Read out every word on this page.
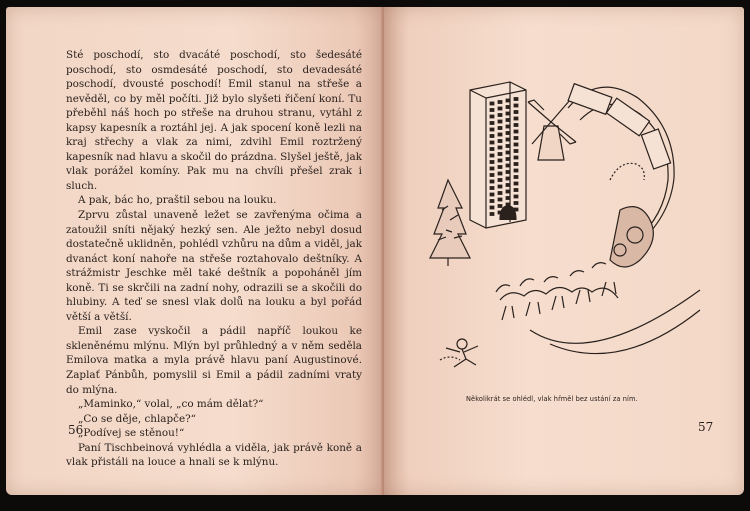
Sté poschodí, sto dvacáté poschodí, sto šedesáté poschodí, sto osmdesáté poschodí, sto devadesáté poschodí, dvousté poschodí! Emil stanul na střeše a nevěděl, co by měl počíti. Již bylo slyšeti řičení koní. Tu přeběhl náš hoch po střeše na druhou stranu, vytáhl z kapsy kapesník a roztáhl jej. A jak spocení koně lezli na kraj střechy a vlak za nimi, zdvihl Emil roztržený kapesník nad hlavu a skočil do prázdna. Slyšel ještě, jak vlak porážel komíny. Pak mu na chvíli přešel zrak i sluch.

A pak, bác ho, praštil sebou na louku.

Zprvu zůstal unaveně ležet se zavřenýma očima a zatoužil sníti nějaký hezký sen. Ale ježto nebyl dosud dostatečně uklidněn, pohlédl vzhůru na dům a viděl, jak dvanáct koní nahoře na střeše roztahovalo deštníky. A strážmistr Jeschke měl také deštník a popoháněl jím koně. Ti se skrčili na zadní nohy, odrazili se a skočili do hlubiny. A teď se snesl vlak dolů na louku a byl pořád větší a větší.

Emil zase vyskočil a pádil napříč loukou ke skleněnému mlýnu. Mlýn byl průhledný a v něm seděla Emilova matka a myla právě hlavu paní Augustinové. Zaplať Pánbůh, pomyslil si Emil a pádil zadními vraty do mlýna.

„Maminko,“ volal, „co mám dělat?“

„Co se děje, chlapče?“

„Podívej se stěnou!“

Paní Tischbeinová vyhlédla a viděla, jak právě koně a vlak přistáli na louce a hnali se k mlýnu.

56
Několikrát se ohlédl, vlak hřměl bez ustání za ním.
57
